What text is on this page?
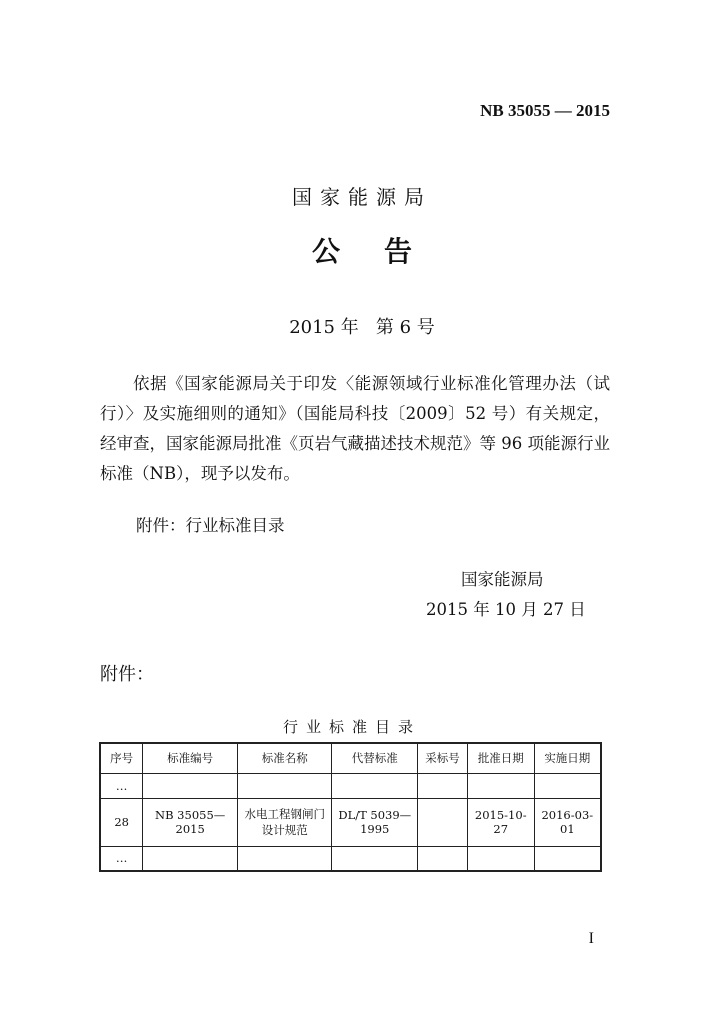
NB 35055 — 2015
国家能源局
公 告
2015 年   第 6 号
依据《国家能源局关于印发〈能源领域行业标准化管理办法（试行）〉及实施细则的通知》（国能局科技〔2009〕52 号）有关规定，经审查，国家能源局批准《页岩气藏描述技术规范》等 96 项能源行业标准（NB），现予以发布。
附件：行业标准目录
国家能源局
2015 年 10 月 27 日
附件：
行业标准目录
序号	标准编号	标准名称	代替标准	采标号	批准日期	实施日期
…						
28	NB 35055—2015	水电工程钢闸门设计规范	DL/T 5039—1995		2015-10-27	2016-03-01
…						
I
